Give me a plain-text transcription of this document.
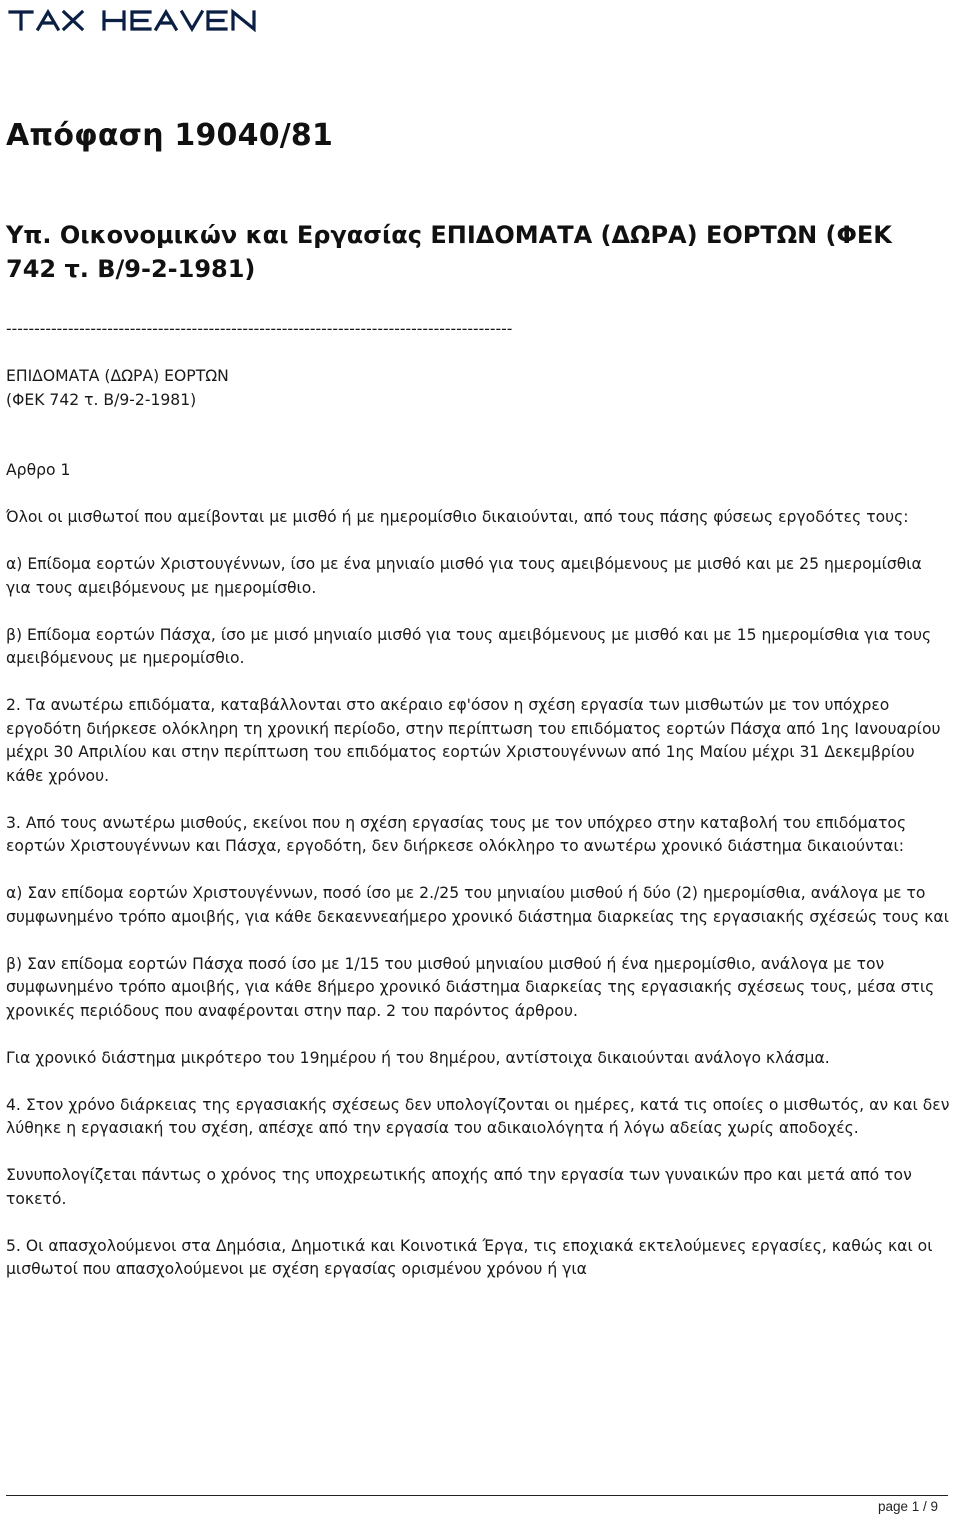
Απόφαση 19040/81
Υπ. Οικονομικών και Εργασίας ΕΠΙΔΟΜΑΤΑ (ΔΩΡΑ) ΕΟΡΤΩΝ (ΦΕΚ 742 τ. Β/9-2-1981)

------------------------------------------------------------------------------------------

ΕΠΙΔΟΜΑΤΑ (ΔΩΡΑ) ΕΟΡΤΩΝ

(ΦΕΚ 742 τ. Β/9-2-1981)

Αρθρο 1

Όλοι οι μισθωτοί που αμείβονται με μισθό ή με ημερομίσθιο δικαιούνται, από τους πάσης φύσεως εργοδότες τους:

α) Επίδομα εορτών Χριστουγέννων, ίσο με ένα μηνιαίο μισθό για τους αμειβόμενους με μισθό και με 25 ημερομίσθια για τους αμειβόμενους με ημερομίσθιο.

β) Επίδομα εορτών Πάσχα, ίσο με μισό μηνιαίο μισθό για τους αμειβόμενους με μισθό και με 15 ημερομίσθια για τους αμειβόμενους με ημερομίσθιο.

2. Τα ανωτέρω επιδόματα, καταβάλλονται στο ακέραιο εφ'όσον η σχέση εργασία των μισθωτών με τον υπόχρεο εργοδότη διήρκεσε ολόκληρη τη χρονική περίοδο, στην περίπτωση του επιδόματος εορτών Πάσχα από 1ης Ιανουαρίου μέχρι 30 Απριλίου και στην περίπτωση του επιδόματος εορτών Χριστουγέννων από 1ης Μαίου μέχρι 31 Δεκεμβρίου κάθε χρόνου.

3. Από τους ανωτέρω μισθούς, εκείνοι που η σχέση εργασίας τους με τον υπόχρεο στην καταβολή του επιδόματος εορτών Χριστουγέννων και Πάσχα, εργοδότη, δεν διήρκεσε ολόκληρο το ανωτέρω χρονικό διάστημα δικαιούνται:

α) Σαν επίδομα εορτών Χριστουγέννων, ποσό ίσο με 2./25 του μηνιαίου μισθού ή δύο (2) ημερομίσθια, ανάλογα με το συμφωνημένο τρόπο αμοιβής, για κάθε δεκαεννεαήμερο χρονικό διάστημα διαρκείας της εργασιακής σχέσεώς τους και

β) Σαν επίδομα εορτών Πάσχα ποσό ίσο με 1/15 του μισθού μηνιαίου μισθού ή ένα ημερομίσθιο, ανάλογα με τον συμφωνημένο τρόπο αμοιβής, για κάθε 8ήμερο χρονικό διάστημα διαρκείας της εργασιακής σχέσεως τους, μέσα στις χρονικές περιόδους που αναφέρονται στην παρ. 2 του παρόντος άρθρου.

Για χρονικό διάστημα μικρότερο του 19ημέρου ή του 8ημέρου, αντίστοιχα δικαιούνται ανάλογο κλάσμα.

4. Στον χρόνο διάρκειας της εργασιακής σχέσεως δεν υπολογίζονται οι ημέρες, κατά τις οποίες ο μισθωτός, αν και δεν λύθηκε η εργασιακή του σχέση, απέσχε από την εργασία του αδικαιολόγητα ή λόγω αδείας χωρίς αποδοχές.

Συνυπολογίζεται πάντως ο χρόνος της υποχρεωτικής αποχής από την εργασία των γυναικών προ και μετά από τον τοκετό.

5. Οι απασχολούμενοι στα Δημόσια, Δημοτικά και Κοινοτικά Έργα, τις εποχιακά εκτελούμενες εργασίες, καθώς και οι μισθωτοί που απασχολούμενοι με σχέση εργασίας ορισμένου χρόνου ή για

page 1 / 9
